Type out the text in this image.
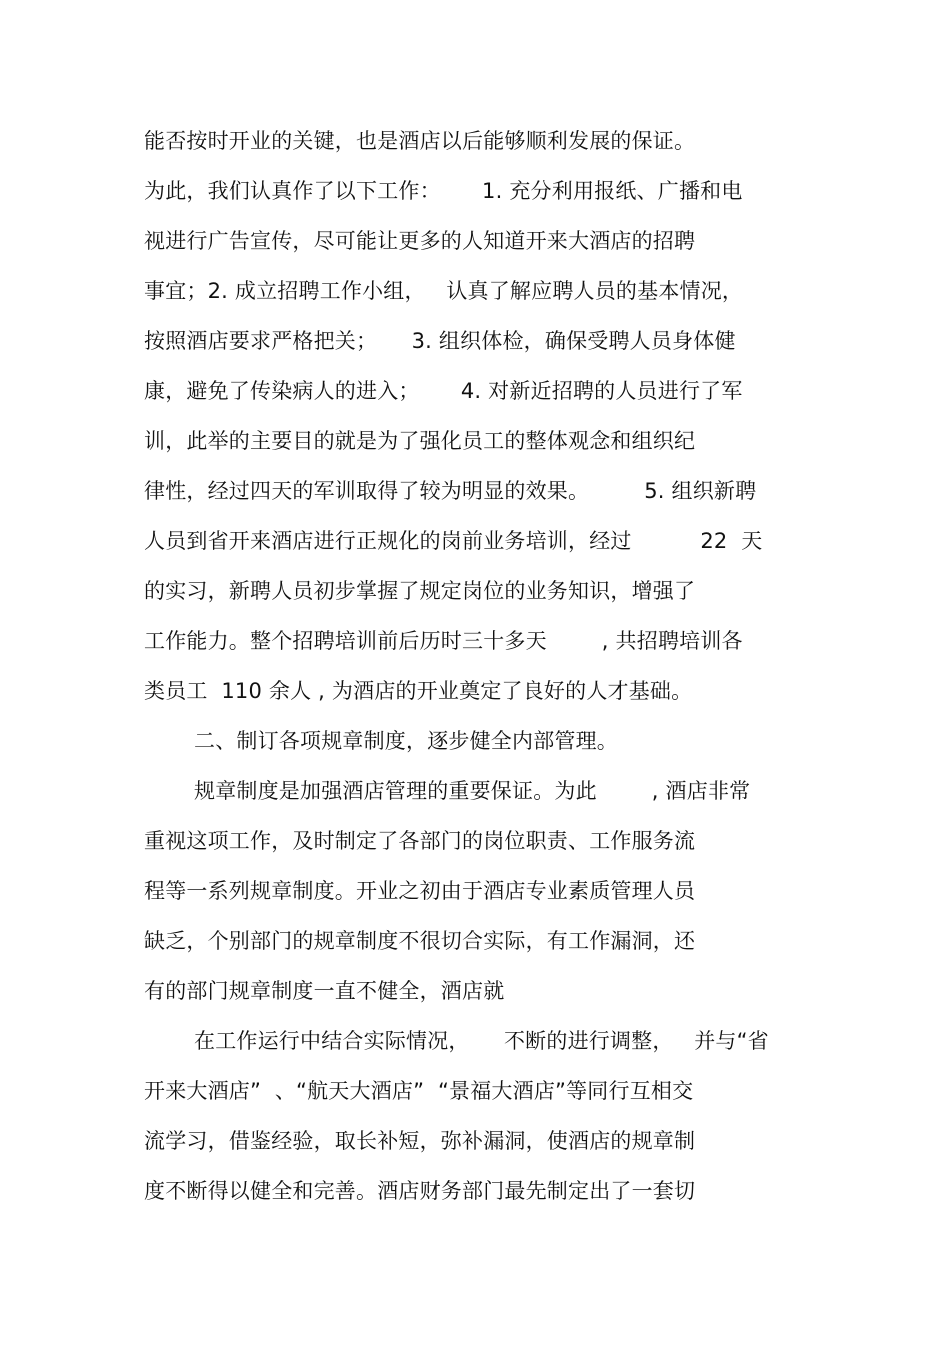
能否按时开业的关键，也是酒店以后能够顺利发展的保证。
为此，我们认真作了以下工作：      1. 充分利用报纸、广播和电
视进行广告宣传，尽可能让更多的人知道开来大酒店的招聘
事宜；2. 成立招聘工作小组，   认真了解应聘人员的基本情况，
按照酒店要求严格把关；     3. 组织体检，确保受聘人员身体健
康，避免了传染病人的进入；      4. 对新近招聘的人员进行了军
训，此举的主要目的就是为了强化员工的整体观念和组织纪
律性，经过四天的军训取得了较为明显的效果。        5. 组织新聘
人员到省开来酒店进行正规化的岗前业务培训，经过          22  天
的实习，新聘人员初步掌握了规定岗位的业务知识，增强了
工作能力。整个招聘培训前后历时三十多天        , 共招聘培训各
类员工  110 余人 , 为酒店的开业奠定了良好的人才基础。
二、制订各项规章制度，逐步健全内部管理。
规章制度是加强酒店管理的重要保证。为此        , 酒店非常
重视这项工作，及时制定了各部门的岗位职责、工作服务流
程等一系列规章制度。开业之初由于酒店专业素质管理人员
缺乏，个别部门的规章制度不很切合实际，有工作漏洞，还
有的部门规章制度一直不健全，酒店就
在工作运行中结合实际情况，     不断的进行调整，   并与“省
开来大酒店”  、“航天大酒店”  “景福大酒店”等同行互相交
流学习，借鉴经验，取长补短，弥补漏洞，使酒店的规章制
度不断得以健全和完善。酒店财务部门最先制定出了一套切
